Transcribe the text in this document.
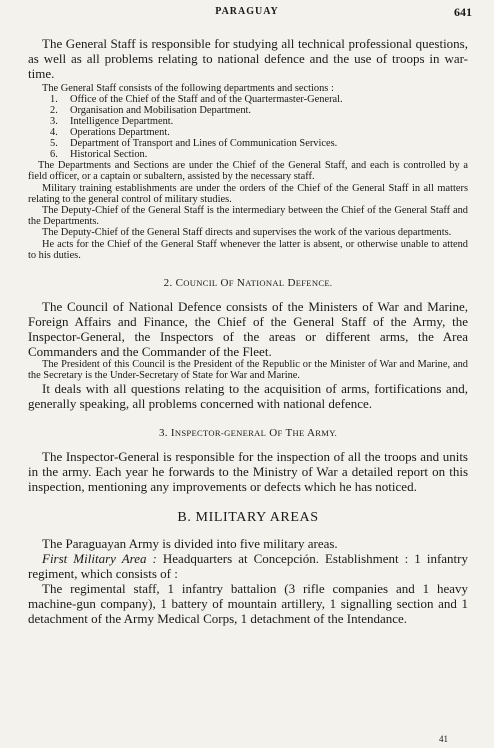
PARAGUAY	641

The General Staff is responsible for studying all technical professional questions, as well as all problems relating to national defence and the use of troops in war-time.

The General Staff consists of the following departments and sections :

1. Office of the Chief of the Staff and of the Quartermaster-General.
2. Organisation and Mobilisation Department.
3. Intelligence Department.
4. Operations Department.
5. Department of Transport and Lines of Communication Services.
6. Historical Section.

The Departments and Sections are under the Chief of the General Staff, and each is controlled by a field officer, or a captain or subaltern, assisted by the necessary staff.

Military training establishments are under the orders of the Chief of the General Staff in all matters relating to the general control of military studies.

The Deputy-Chief of the General Staff is the intermediary between the Chief of the General Staff and the Departments.

The Deputy-Chief of the General Staff directs and supervises the work of the various departments.

He acts for the Chief of the General Staff whenever the latter is absent, or otherwise unable to attend to his duties.

2. COUNCIL OF NATIONAL DEFENCE.

The Council of National Defence consists of the Ministers of War and Marine, Foreign Affairs and Finance, the Chief of the General Staff of the Army, the Inspector-General, the Inspectors of the areas or different arms, the Area Commanders and the Commander of the Fleet.

The President of this Council is the President of the Republic or the Minister of War and Marine, and the Secretary is the Under-Secretary of State for War and Marine.

It deals with all questions relating to the acquisition of arms, fortifications and, generally speaking, all problems concerned with national defence.

3. INSPECTOR-GENERAL OF THE ARMY.

The Inspector-General is responsible for the inspection of all the troops and units in the army. Each year he forwards to the Ministry of War a detailed report on this inspection, mentioning any improvements or defects which he has noticed.

B. MILITARY AREAS

The Paraguayan Army is divided into five military areas.

First Military Area : Headquarters at Concepción. Establishment : 1 infantry regiment, which consists of :

The regimental staff, 1 infantry battalion (3 rifle companies and 1 heavy machine-gun company), 1 battery of mountain artillery, 1 signalling section and 1 detachment of the Army Medical Corps, 1 detachment of the Intendance.

41
